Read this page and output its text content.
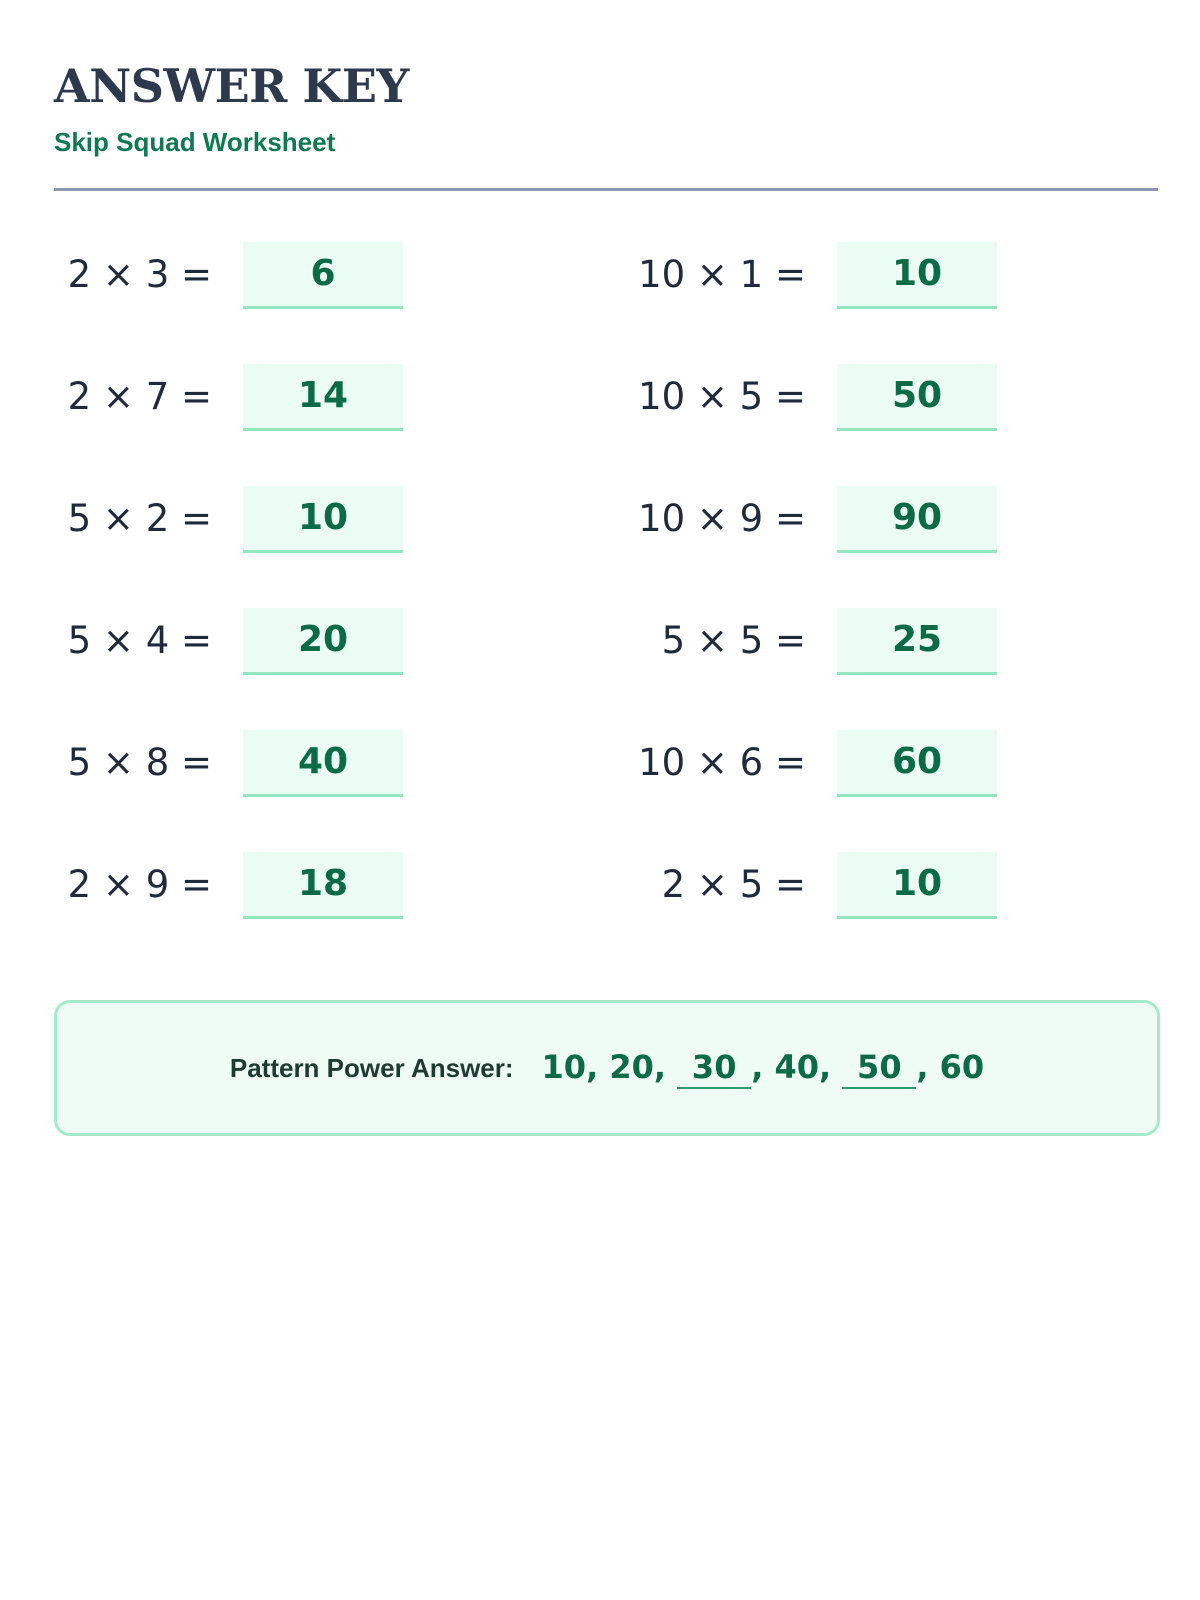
ANSWER KEY
Skip Squad Worksheet
2 × 3 =	6
2 × 7 =	14
5 × 2 =	10
5 × 4 =	20
5 × 8 =	40
2 × 9 =	18
10 × 1 =	10
10 × 5 =	50
10 × 9 =	90
5 × 5 =	25
10 × 6 =	60
2 × 5 =	10
Pattern Power Answer: 10, 20, 30 , 40, 50 , 60
